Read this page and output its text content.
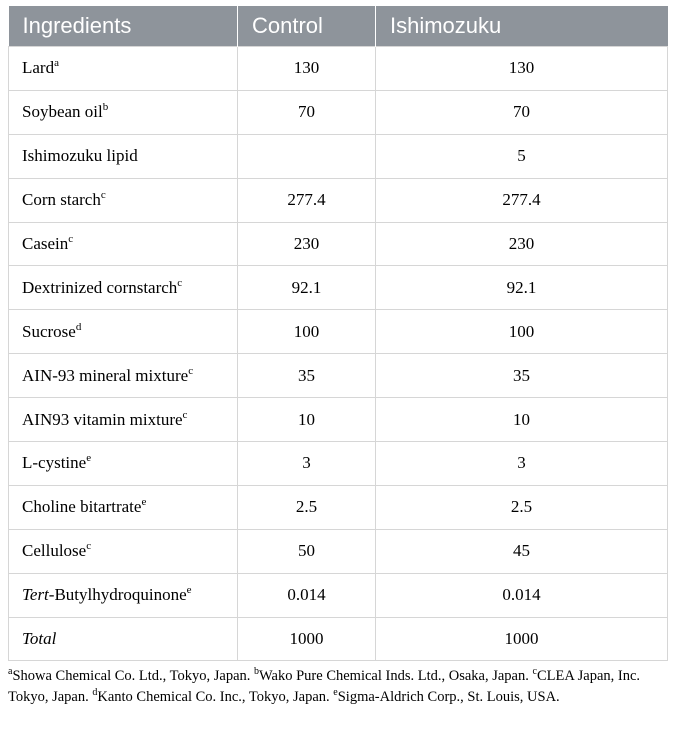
Ingredients	Control	Ishimozuku
Lard$^a$	130	130
Soybean oil$^b$	70	70
Ishimozuku lipid		5
Corn starch$^c$	277.4	277.4
Casein$^c$	230	230
Dextrinized cornstarch$^c$	92.1	92.1
Sucrose$^d$	100	100
AIN-93 mineral mixture$^c$	35	35
AIN93 vitamin mixture$^c$	10	10
L-cystine$^e$	3	3
Choline bitartrate$^e$	2.5	2.5
Cellulose$^c$	50	45
Tert-Butylhydroquinone$^e$	0.014	0.014
Total	1000	1000
$^a$Showa Chemical Co. Ltd., Tokyo, Japan. $^b$Wako Pure Chemical Inds. Ltd., Osaka, Japan. $^c$CLEA Japan, Inc. Tokyo, Japan. $^d$Kanto Chemical Co. Inc., Tokyo, Japan. $^e$Sigma-Aldrich Corp., St. Louis, USA.
